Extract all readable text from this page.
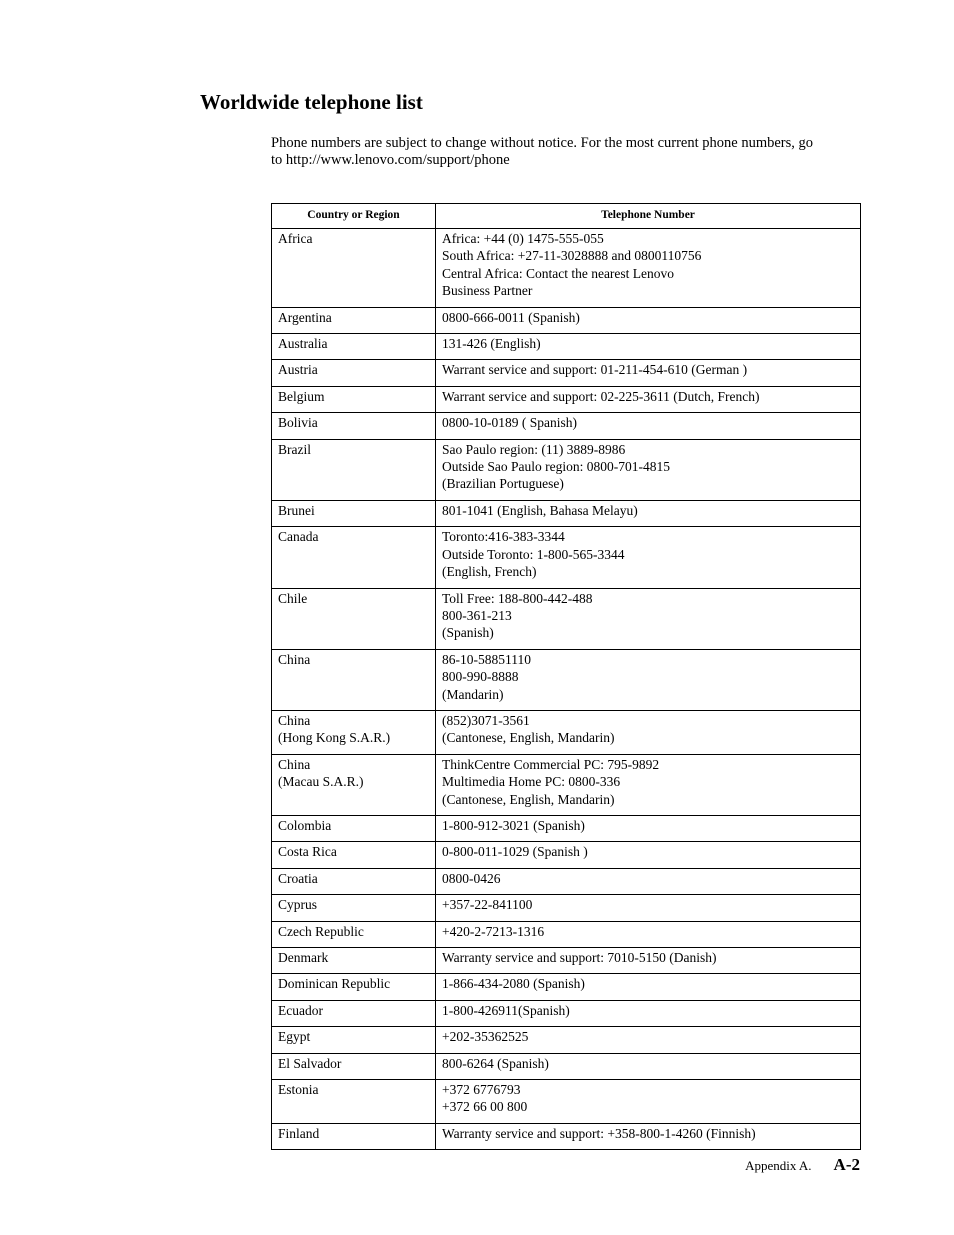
Worldwide telephone list

Phone numbers are subject to change without notice. For the most current phone numbers, go

to http://www.lenovo.com/support/phone

Country or Region	Telephone Number

Africa	Africa: +44 (0) 1475-555-055
South Africa: +27-11-3028888 and 0800110756
Central Africa: Contact the nearest Lenovo
Business Partner

Argentina	0800-666-0011 (Spanish)

Australia	131-426 (English)

Austria	Warrant service and support: 01-211-454-610 (German )

Belgium	Warrant service and support: 02-225-3611 (Dutch, French)

Bolivia	0800-10-0189 ( Spanish)

Brazil	Sao Paulo region: (11) 3889-8986
Outside Sao Paulo region: 0800-701-4815
(Brazilian Portuguese)

Brunei	801-1041 (English, Bahasa Melayu)

Canada	Toronto:416-383-3344
Outside Toronto: 1-800-565-3344
(English, French)

Chile	Toll Free: 188-800-442-488
800-361-213
(Spanish)

China	86-10-58851110
800-990-8888
(Mandarin)

China
(Hong Kong S.A.R.)	(852)3071-3561
(Cantonese, English, Mandarin)

China
(Macau S.A.R.)	ThinkCentre Commercial PC: 795-9892
Multimedia Home PC: 0800-336
(Cantonese, English, Mandarin)

Colombia	1-800-912-3021 (Spanish)

Costa Rica	0-800-011-1029 (Spanish )

Croatia	0800-0426

Cyprus	+357-22-841100

Czech Republic	+420-2-7213-1316

Denmark	Warranty service and support: 7010-5150 (Danish)

Dominican Republic	1-866-434-2080 (Spanish)

Ecuador	1-800-426911(Spanish)

Egypt	+202-35362525

El Salvador	800-6264 (Spanish)

Estonia	+372 6776793
+372 66 00 800

Finland	Warranty service and support: +358-800-1-4260 (Finnish)
Appendix A. A-2
